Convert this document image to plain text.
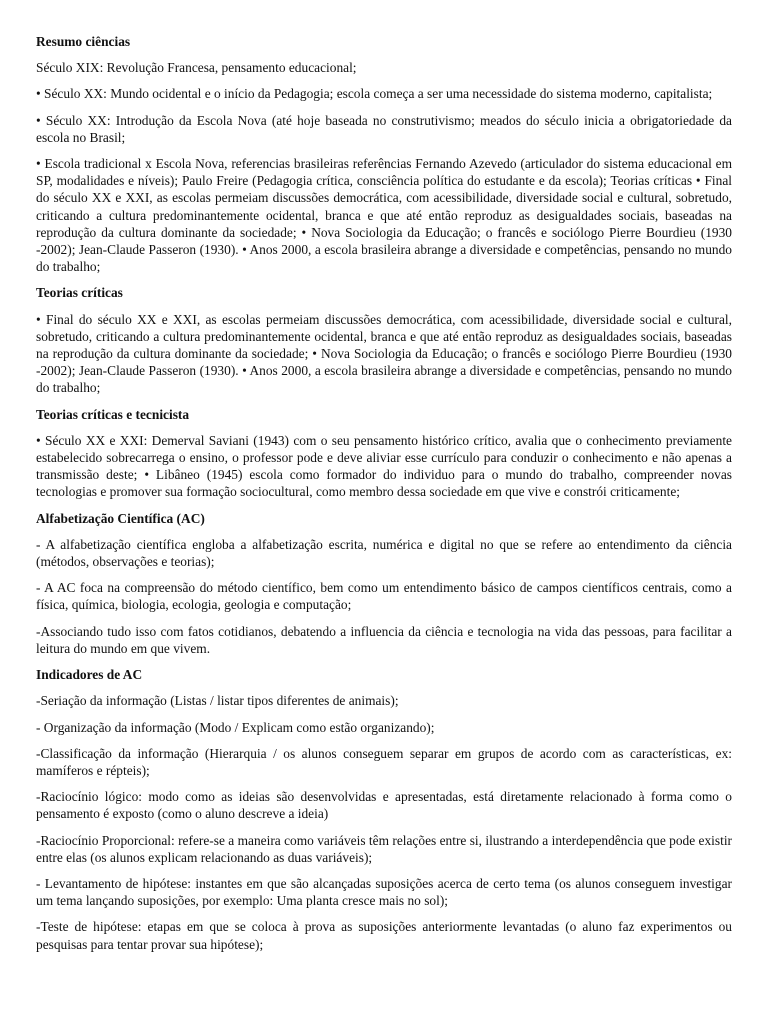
Resumo ciências

Século XIX: Revolução Francesa, pensamento educacional;

• Século XX: Mundo ocidental e o início da Pedagogia; escola começa a ser uma necessidade do sistema moderno, capitalista;

• Século XX: Introdução da Escola Nova (até hoje baseada no construtivismo; meados do século inicia a obrigatoriedade da escola no Brasil;

• Escola tradicional x Escola Nova, referencias brasileiras referências Fernando Azevedo (articulador do sistema educacional em SP, modalidades e níveis); Paulo Freire (Pedagogia crítica, consciência política do estudante e da escola); Teorias críticas • Final do século XX e XXI, as escolas permeiam discussões democrática, com acessibilidade, diversidade social e cultural, sobretudo, criticando a cultura predominantemente ocidental, branca e que até então reproduz as desigualdades sociais, baseadas na reprodução da cultura dominante da sociedade; • Nova Sociologia da Educação; o francês e sociólogo Pierre Bourdieu (1930 -2002); Jean-Claude Passeron (1930). • Anos 2000, a escola brasileira abrange a diversidade e competências, pensando no mundo do trabalho;

Teorias críticas

• Final do século XX e XXI, as escolas permeiam discussões democrática, com acessibilidade, diversidade social e cultural, sobretudo, criticando a cultura predominantemente ocidental, branca e que até então reproduz as desigualdades sociais, baseadas na reprodução da cultura dominante da sociedade; • Nova Sociologia da Educação; o francês e sociólogo Pierre Bourdieu (1930 -2002); Jean-Claude Passeron (1930). • Anos 2000, a escola brasileira abrange a diversidade e competências, pensando no mundo do trabalho;

Teorias críticas e tecnicista

• Século XX e XXI: Demerval Saviani (1943) com o seu pensamento histórico crítico, avalia que o conhecimento previamente estabelecido sobrecarrega o ensino, o professor pode e deve aliviar esse currículo para conduzir o conhecimento e não apenas a transmissão deste; • Libâneo (1945) escola como formador do individuo para o mundo do trabalho, compreender novas tecnologias e promover sua formação sociocultural, como membro dessa sociedade em que vive e constrói criticamente;

Alfabetização Científica (AC)

- A alfabetização científica engloba a alfabetização escrita, numérica e digital no que se refere ao entendimento da ciência (métodos, observações e teorias);

- A AC foca na compreensão do método científico, bem como um entendimento básico de campos científicos centrais, como a física, química, biologia, ecologia, geologia e computação;

-Associando tudo isso com fatos cotidianos, debatendo a influencia da ciência e tecnologia na vida das pessoas, para facilitar a leitura do mundo em que vivem.

Indicadores de AC

-Seriação da informação (Listas / listar tipos diferentes de animais);

- Organização da informação (Modo / Explicam como estão organizando);

-Classificação da informação (Hierarquia / os alunos conseguem separar em grupos de acordo com as características, ex: mamíferos e répteis);

-Raciocínio lógico: modo como as ideias são desenvolvidas e apresentadas, está diretamente relacionado à forma como o pensamento é exposto (como o aluno descreve a ideia)

-Raciocínio Proporcional: refere-se a maneira como variáveis têm relações entre si, ilustrando a interdependência que pode existir entre elas (os alunos explicam relacionando as duas variáveis);

- Levantamento de hipótese: instantes em que são alcançadas suposições acerca de certo tema (os alunos conseguem investigar um tema lançando suposições, por exemplo: Uma planta cresce mais no sol);

-Teste de hipótese: etapas em que se coloca à prova as suposições anteriormente levantadas (o aluno faz experimentos ou pesquisas para tentar provar sua hipótese);
